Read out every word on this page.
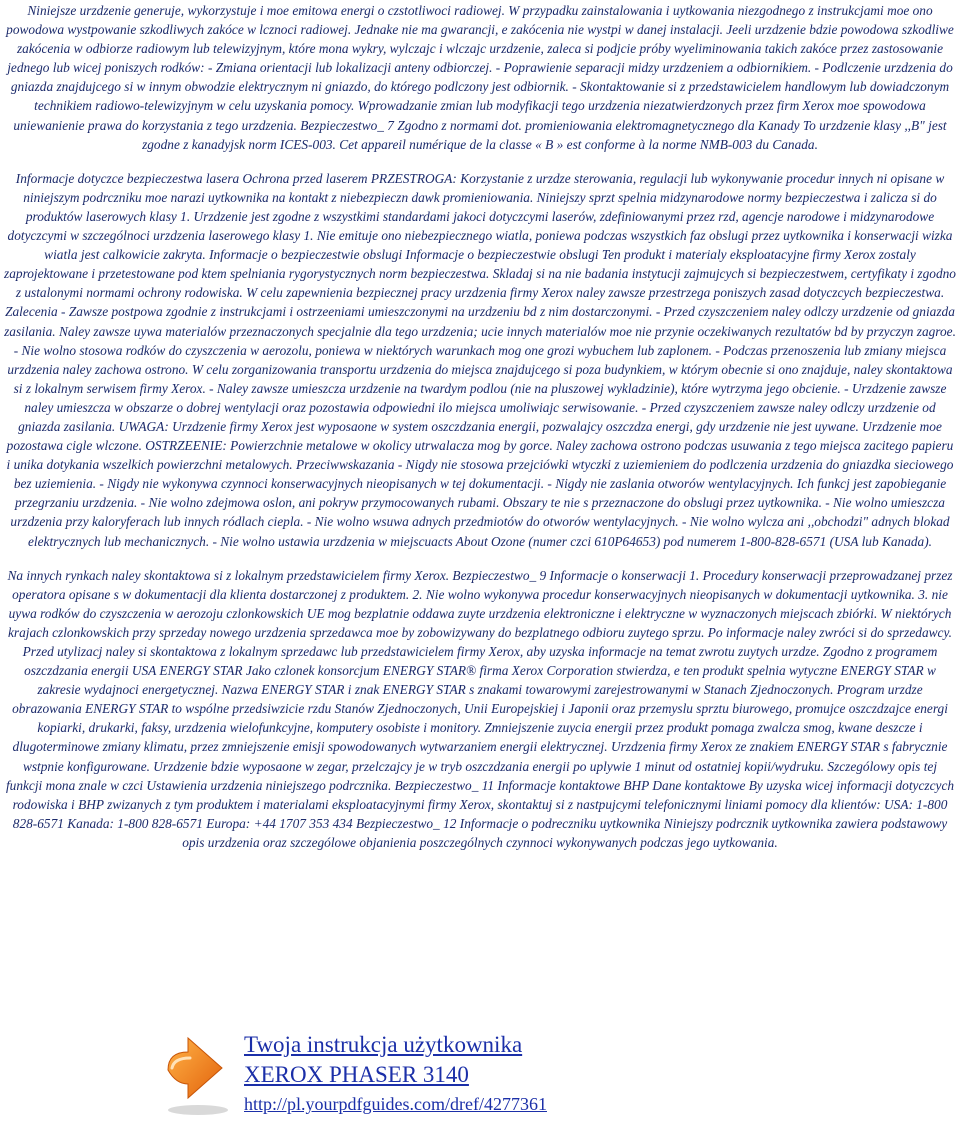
Niniejsze urzdzenie generuje, wykorzystuje i moe emitowa energi o czstotliwoci radiowej. W przypadku zainstalowania i uytkowania niezgodnego z instrukcjami moe ono powodowa wystpowanie szkodliwych zakóce w lcznoci radiowej. Jednake nie ma gwarancji, e zakócenia nie wystpi w danej instalacji. Jeeli urzdzenie bdzie powodowa szkodliwe zakócenia w odbiorze radiowym lub telewizyjnym, które mona wykry, wylczajc i wlczajc urzdzenie, zaleca si podjcie próby wyeliminowania takich zakóce przez zastosowanie jednego lub wicej poniszych rodków: - Zmiana orientacji lub lokalizacji anteny odbiorczej. - Poprawienie separacji midzy urzdzeniem a odbiornikiem. - Podlczenie urzdzenia do gniazda znajdujcego si w innym obwodzie elektrycznym ni gniazdo, do którego podlczony jest odbiornik. - Skontaktowanie si z przedstawicielem handlowym lub dowiadczonym technikiem radiowo-telewizyjnym w celu uzyskania pomocy. Wprowadzanie zmian lub modyfikacji tego urzdzenia niezatwierdzonych przez firm Xerox moe spowodowa uniewanienie prawa do korzystania z tego urzdzenia. Bezpieczestwo_ 7 Zgodno z normami dot. promieniowania elektromagnetycznego dla Kanady To urzdzenie klasy ,,B" jest zgodne z kanadyjsk norm ICES-003. Cet appareil numérique de la classe « B » est conforme à la norme NMB-003 du Canada.

Informacje dotyczce bezpieczestwa lasera Ochrona przed laserem PRZESTROGA: Korzystanie z urzdze sterowania, regulacji lub wykonywanie procedur innych ni opisane w niniejszym podrczniku moe narazi uytkownika na kontakt z niebezpieczn dawk promieniowania. Niniejszy sprzt spelnia midzynarodowe normy bezpieczestwa i zalicza si do produktów laserowych klasy 1. Urzdzenie jest zgodne z wszystkimi standardami jakoci dotyczcymi laserów, zdefiniowanymi przez rzd, agencje narodowe i midzynarodowe dotyczcymi w szczególnoci urzdzenia laserowego klasy 1. Nie emituje ono niebezpiecznego wiatla, poniewa podczas wszystkich faz obslugi przez uytkownika i konserwacji wizka wiatla jest calkowicie zakryta. Informacje o bezpieczestwie obslugi Informacje o bezpieczestwie obslugi Ten produkt i materialy eksploatacyjne firmy Xerox zostaly zaprojektowane i przetestowane pod ktem spelniania rygorystycznych norm bezpieczestwa. Skladaj si na nie badania instytucji zajmujcych si bezpieczestwem, certyfikaty i zgodno z ustalonymi normami ochrony rodowiska. W celu zapewnienia bezpiecznej pracy urzdzenia firmy Xerox naley zawsze przestrzega poniszych zasad dotyczcych bezpieczestwa. Zalecenia - Zawsze postpowa zgodnie z instrukcjami i ostrzeeniami umieszczonymi na urzdzeniu bd z nim dostarczonymi. - Przed czyszczeniem naley odlczy urzdzenie od gniazda zasilania. Naley zawsze uywa materialów przeznaczonych specjalnie dla tego urzdzenia; ucie innych materialów moe nie przynie oczekiwanych rezultatów bd by przyczyn zagroe. - Nie wolno stosowa rodków do czyszczenia w aerozolu, poniewa w niektórych warunkach mog one grozi wybuchem lub zaplonem. - Podczas przenoszenia lub zmiany miejsca urzdzenia naley zachowa ostrono. W celu zorganizowania transportu urzdzenia do miejsca znajdujcego si poza budynkiem, w którym obecnie si ono znajduje, naley skontaktowa si z lokalnym serwisem firmy Xerox. - Naley zawsze umieszcza urzdzenie na twardym podlou (nie na pluszowej wykladzinie), które wytrzyma jego obcienie. - Urzdzenie zawsze naley umieszcza w obszarze o dobrej wentylacji oraz pozostawia odpowiedni ilo miejsca umoliwiajc serwisowanie. - Przed czyszczeniem zawsze naley odlczy urzdzenie od gniazda zasilania. UWAGA: Urzdzenie firmy Xerox jest wyposaone w system oszczdzania energii, pozwalajcy oszczdza energi, gdy urzdzenie nie jest uywane. Urzdzenie moe pozostawa cigle wlczone. OSTRZEENIE: Powierzchnie metalowe w okolicy utrwalacza mog by gorce. Naley zachowa ostrono podczas usuwania z tego miejsca zacitego papieru i unika dotykania wszelkich powierzchni metalowych. Przeciwwskazania - Nigdy nie stosowa przejciówki wtyczki z uziemieniem do podlczenia urzdzenia do gniazdka sieciowego bez uziemienia. - Nigdy nie wykonywa czynnoci konserwacyjnych nieopisanych w tej dokumentacji. - Nigdy nie zaslania otworów wentylacyjnych. Ich funkcj jest zapobieganie przegrzaniu urzdzenia. - Nie wolno zdejmowa oslon, ani pokryw przymocowanych rubami. Obszary te nie s przeznaczone do obslugi przez uytkownika. - Nie wolno umieszcza urzdzenia przy kaloryferach lub innych ródlach ciepla. - Nie wolno wsuwa adnych przedmiotów do otworów wentylacyjnych. - Nie wolno wylcza ani ,,obchodzi" adnych blokad elektrycznych lub mechanicznych. - Nie wolno ustawia urzdzenia w miejscuacts About Ozone (numer czci 610P64653) pod numerem 1-800-828-6571 (USA lub Kanada).

Na innych rynkach naley skontaktowa si z lokalnym przedstawicielem firmy Xerox. Bezpieczestwo_ 9 Informacje o konserwacji 1. Procedury konserwacji przeprowadzanej przez operatora opisane s w dokumentacji dla klienta dostarczonej z produktem. 2. Nie wolno wykonywa procedur konserwacyjnych nieopisanych w dokumentacji uytkownika. 3. nie uywa rodków do czyszczenia w aerozoju czlonkowskich UE mog bezplatnie oddawa zuyte urzdzenia elektroniczne i elektryczne w wyznaczonych miejscach zbiórki. W niektórych krajach czlonkowskich przy sprzeday nowego urzdzenia sprzedawca moe by zobowizywany do bezplatnego odbioru zuytego sprzu. Po informacje naley zwróci si do sprzedawcy. Przed utylizacj naley si skontaktowa z lokalnym sprzedawc lub przedstawicielem firmy Xerox, aby uzyska informacje na temat zwrotu zuytych urzdze. Zgodno z programem oszczdzania energii USA ENERGY STAR Jako czlonek konsorcjum ENERGY STAR® firma Xerox Corporation stwierdza, e ten produkt spelnia wytyczne ENERGY STAR w zakresie wydajnoci energetycznej. Nazwa ENERGY STAR i znak ENERGY STAR s znakami towarowymi zarejestrowanymi w Stanach Zjednoczonych. Program urzdze obrazowania ENERGY STAR to wspólne przedsiwzicie rzdu Stanów Zjednoczonych, Unii Europejskiej i Japonii oraz przemyslu sprztu biurowego, promujce oszczdzajce energi kopiarki, drukarki, faksy, urzdzenia wielofunkcyjne, komputery osobiste i monitory. Zmniejszenie zuycia energii przez produkt pomaga zwalcza smog, kwane deszcze i dlugoterminowe zmiany klimatu, przez zmniejszenie emisji spowodowanych wytwarzaniem energii elektrycznej. Urzdzenia firmy Xerox ze znakiem ENERGY STAR s fabrycznie wstpnie konfigurowane. Urzdzenie bdzie wyposaone w zegar, przelczajcy je w tryb oszczdzania energii po uplywie 1 minut od ostatniej kopii/wydruku. Szczególowy opis tej funkcji mona znale w czci Ustawienia urzdzenia niniejszego podrcznika. Bezpieczestwo_ 11 Informacje kontaktowe BHP Dane kontaktowe By uzyska wicej informacji dotyczcych rodowiska i BHP zwizanych z tym produktem i materialami eksploatacyjnymi firmy Xerox, skontaktuj si z nastpujcymi telefonicznymi liniami pomocy dla klientów: USA: 1-800 828-6571 Kanada: 1-800 828-6571 Europa: +44 1707 353 434 Bezpieczestwo_ 12 Informacje o podreczniku uytkownika Niniejszy podrcznik uytkownika zawiera podstawowy opis urzdzenia oraz szczególowe objanienia poszczególnych czynnoci wykonywanych podczas jego uytkowania.

Twoja instrukcja użytkownika
XEROX PHASER 3140
http://pl.yourpdfguides.com/dref/4277361
